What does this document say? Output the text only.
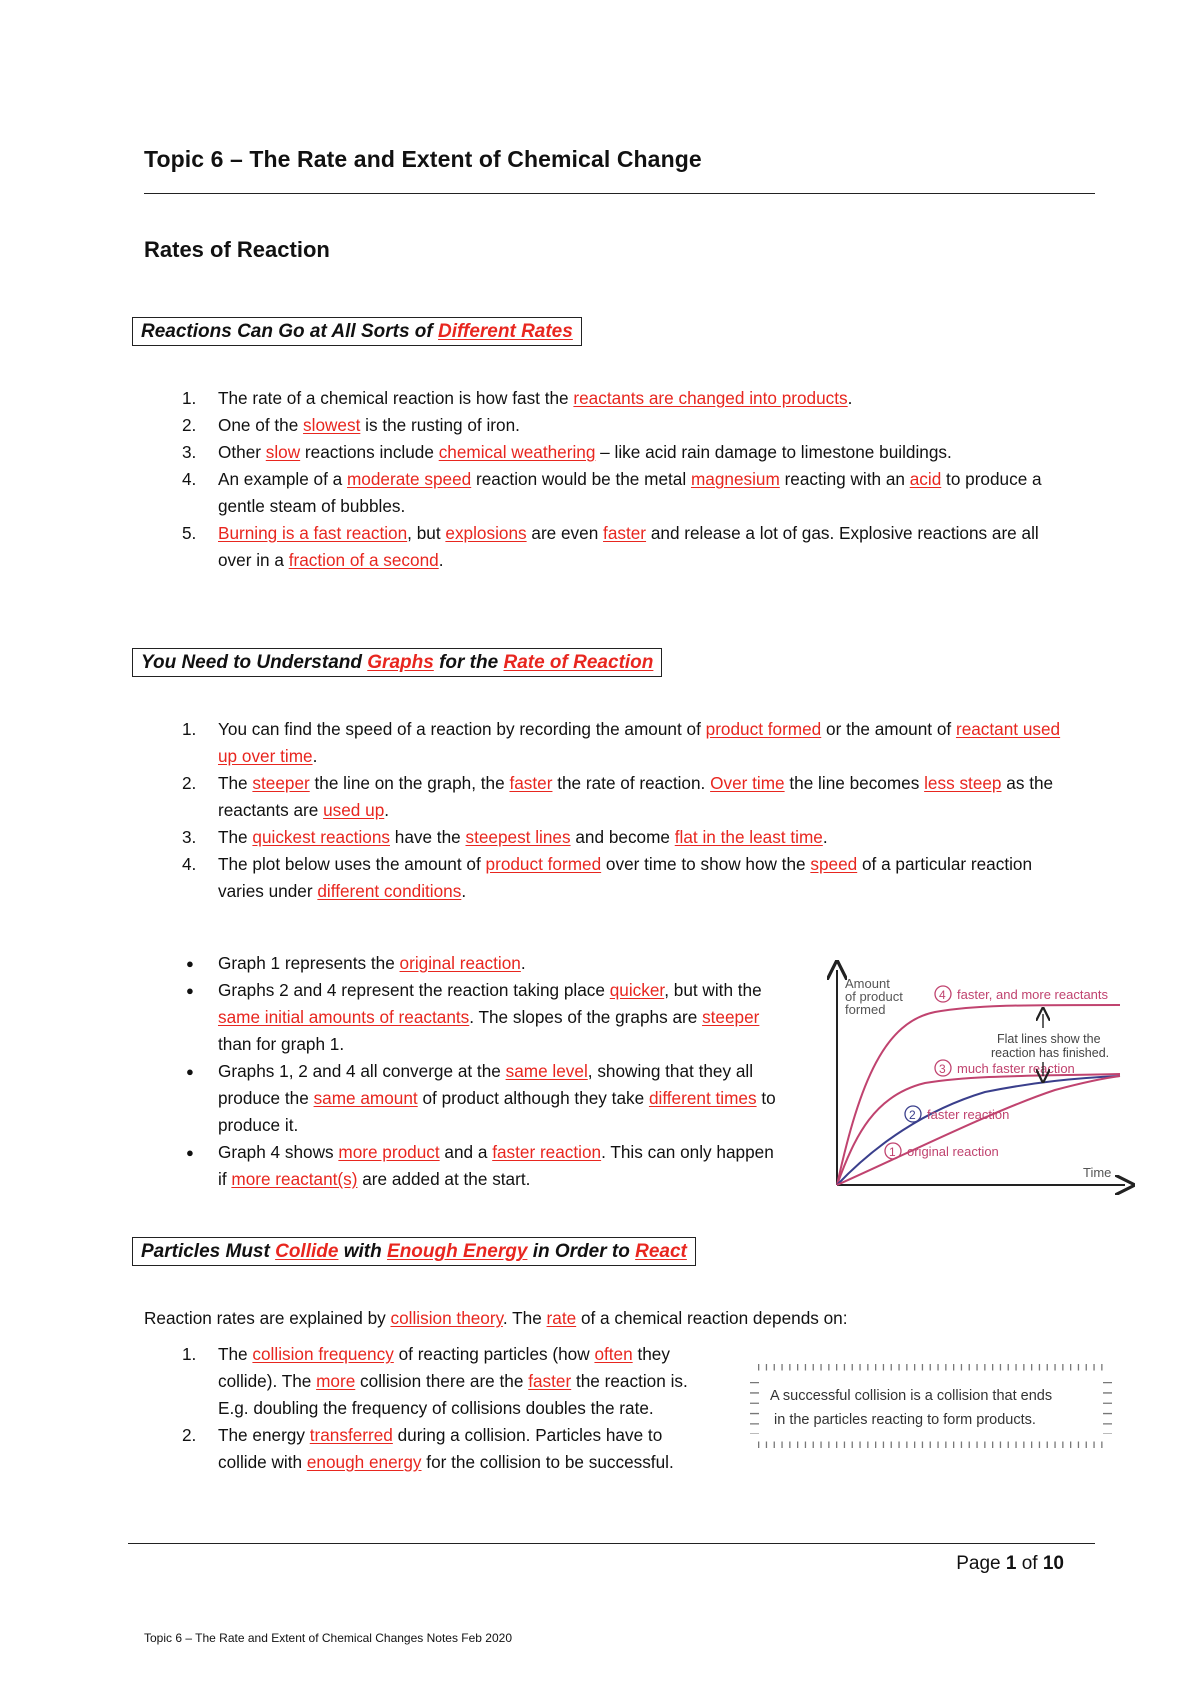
Topic 6 – The Rate and Extent of Chemical Change
Rates of Reaction
Reactions Can Go at All Sorts of Different Rates
1. The rate of a chemical reaction is how fast the reactants are changed into products.
2. One of the slowest is the rusting of iron.
3. Other slow reactions include chemical weathering – like acid rain damage to limestone buildings.
4. An example of a moderate speed reaction would be the metal magnesium reacting with an acid to produce a gentle steam of bubbles.
5. Burning is a fast reaction, but explosions are even faster and release a lot of gas. Explosive reactions are all over in a fraction of a second.
You Need to Understand Graphs for the Rate of Reaction
1. You can find the speed of a reaction by recording the amount of product formed or the amount of reactant used up over time.
2. The steeper the line on the graph, the faster the rate of reaction. Over time the line becomes less steep as the reactants are used up.
3. The quickest reactions have the steepest lines and become flat in the least time.
4. The plot below uses the amount of product formed over time to show how the speed of a particular reaction varies under different conditions.
● Graph 1 represents the original reaction.
● Graphs 2 and 4 represent the reaction taking place quicker, but with the same initial amounts of reactants. The slopes of the graphs are steeper than for graph 1.
● Graphs 1, 2 and 4 all converge at the same level, showing that they all produce the same amount of product although they take different times to produce it.
● Graph 4 shows more product and a faster reaction. This can only happen if more reactant(s) are added at the start.
Amount of product formed
Time
4 faster, and more reactants
3 much faster reaction
2 faster reaction
1 original reaction
Flat lines show the reaction has finished.
Particles Must Collide with Enough Energy in Order to React

Reaction rates are explained by collision theory. The rate of a chemical reaction depends on:

1. The collision frequency of reacting particles (how often they collide). The more collision there are the faster the reaction is. E.g. doubling the frequency of collisions doubles the rate.
2. The energy transferred during a collision. Particles have to collide with enough energy for the collision to be successful.
A successful collision is a collision that ends in the particles reacting to form products.

Page 1 of 10

Topic 6 – The Rate and Extent of Chemical Changes Notes Feb 2020
